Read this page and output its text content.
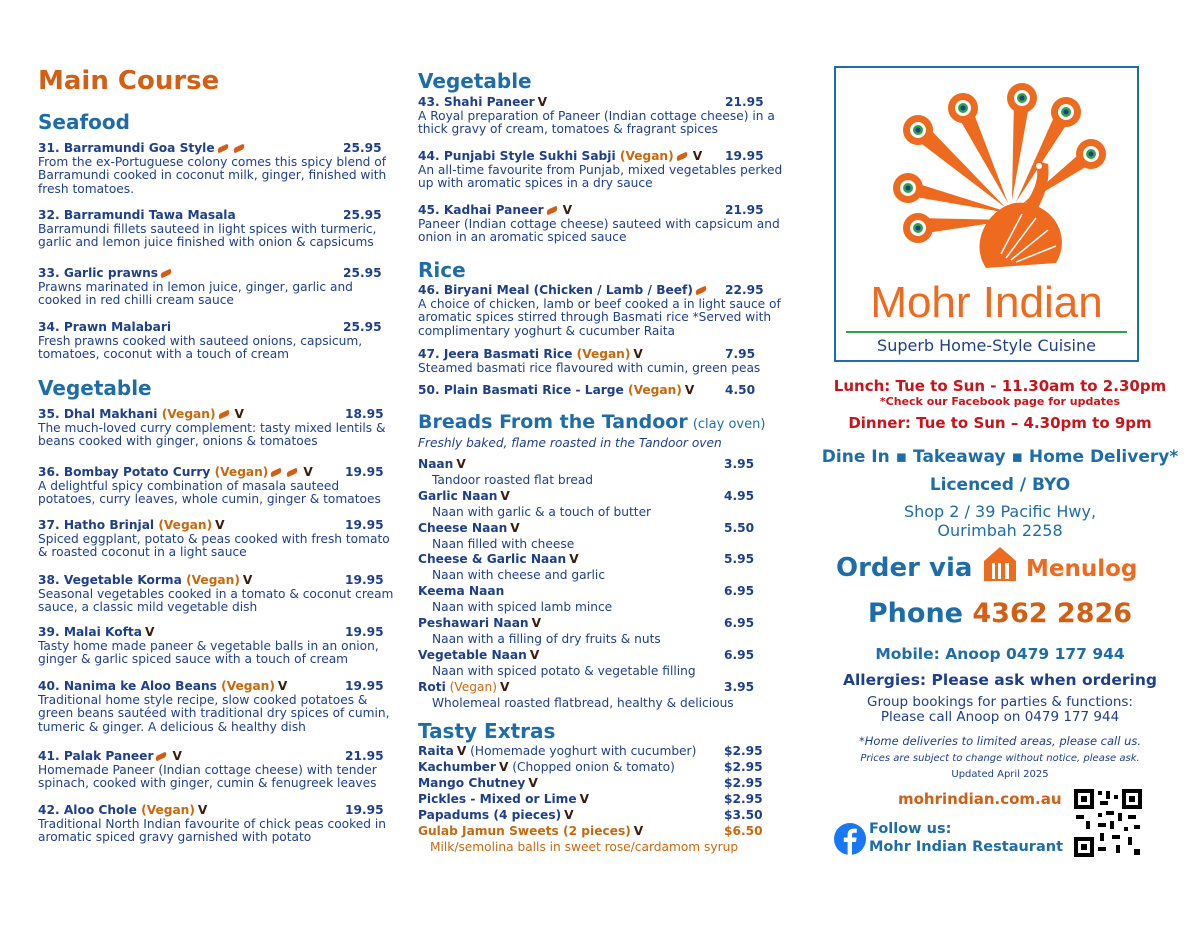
Main Course
Seafood
31. Barramundi Goa Style	25.95
From the ex-Portuguese colony comes this spicy blend of Barramundi cooked in coconut milk, ginger, finished with fresh tomatoes.
32. Barramundi Tawa Masala	25.95
Barramundi fillets sauteed in light spices with turmeric, garlic and lemon juice finished with onion & capsicums
33. Garlic prawns	25.95
Prawns marinated in lemon juice, ginger, garlic and cooked in red chilli cream sauce
34. Prawn Malabari	25.95
Fresh prawns cooked with sauteed onions, capsicum, tomatoes, coconut with a touch of cream
Vegetable
35. Dhal Makhani (Vegan) V	18.95
The much-loved curry complement: tasty mixed lentils & beans cooked with ginger, onions & tomatoes
36. Bombay Potato Curry (Vegan)	V	19.95
A delightful spicy combination of masala sauteed potatoes, curry leaves, whole cumin, ginger & tomatoes
37. Hatho Brinjal (Vegan) V	19.95
Spiced eggplant, potato & peas cooked with fresh tomato & roasted coconut in a light sauce
38. Vegetable Korma (Vegan) V	19.95
Seasonal vegetables cooked in a tomato & coconut cream sauce, a classic mild vegetable dish
39. Malai Kofta V	19.95
Tasty home made paneer & vegetable balls in an onion, ginger & garlic spiced sauce with a touch of cream
40. Nanima ke Aloo Beans (Vegan) V	19.95
Traditional home style recipe, slow cooked potatoes & green beans sautéed with traditional dry spices of cumin, tumeric & ginger. A delicious & healthy dish
41. Palak Paneer V	21.95
Homemade Paneer (Indian cottage cheese) with tender spinach, cooked with ginger, cumin & fenugreek leaves
42. Aloo Chole (Vegan) V	19.95
Traditional North Indian favourite of chick peas cooked in aromatic spiced gravy garnished with potato
Vegetable
43. Shahi Paneer V	21.95
A Royal preparation of Paneer (Indian cottage cheese) in a thick gravy of cream, tomatoes & fragrant spices
44. Punjabi Style Sukhi Sabji (Vegan) V 19.95
An all-time favourite from Punjab, mixed vegetables perked up with aromatic spices in a dry sauce
45. Kadhai Paneer V	21.95
Paneer (Indian cottage cheese) sauteed with capsicum and onion in an aromatic spiced sauce
Rice
46. Biryani Meal (Chicken / Lamb / Beef)	22.95
A choice of chicken, lamb or beef cooked a in light sauce of aromatic spices stirred through Basmati rice *Served with complimentary yoghurt & cucumber Raita
47. Jeera Basmati Rice (Vegan) V	7.95
Steamed basmati rice flavoured with cumin, green peas
50. Plain Basmati Rice - Large (Vegan) V	4.50
Breads From the Tandoor (clay oven)
Freshly baked, flame roasted in the Tandoor oven
Naan V	3.95
Tandoor roasted flat bread
Garlic Naan V	4.95
Naan with garlic & a touch of butter
Cheese Naan V	5.50
Naan filled with cheese
Cheese & Garlic Naan V	5.95
Naan with cheese and garlic
Keema Naan	6.95
Naan with spiced lamb mince
Peshawari Naan V	6.95
Naan with a filling of dry fruits & nuts
Vegetable Naan V	6.95
Naan with spiced potato & vegetable filling
Roti (Vegan) V	3.95
Wholemeal roasted flatbread, healthy & delicious
Tasty Extras
Raita V (Homemade yoghurt with cucumber) $2.95
Kachumber V (Chopped onion & tomato)	$2.95
Mango Chutney V	$2.95
Pickles - Mixed or Lime V	$2.95
Papadums (4 pieces) V	$3.50
Gulab Jamun Sweets (2 pieces) V	$6.50
Milk/semolina balls in sweet rose/cardamom syrup
Mohr Indian
Superb Home-Style Cuisine
Lunch: Tue to Sun - 11.30am to 2.30pm
*Check our Facebook page for updates
Dinner: Tue to Sun – 4.30pm to 9pm
Dine In ▪ Takeaway ▪ Home Delivery*
Licenced / BYO
Shop 2 / 39 Pacific Hwy,
Ourimbah 2258
Order via Menulog
Phone 4362 2826
Mobile: Anoop 0479 177 944
Allergies: Please ask when ordering
Group bookings for parties & functions:
Please call Anoop on 0479 177 944
*Home deliveries to limited areas, please call us.
Prices are subject to change without notice, please ask.
Updated April 2025
mohrindian.com.au
Follow us:
Mohr Indian Restaurant
